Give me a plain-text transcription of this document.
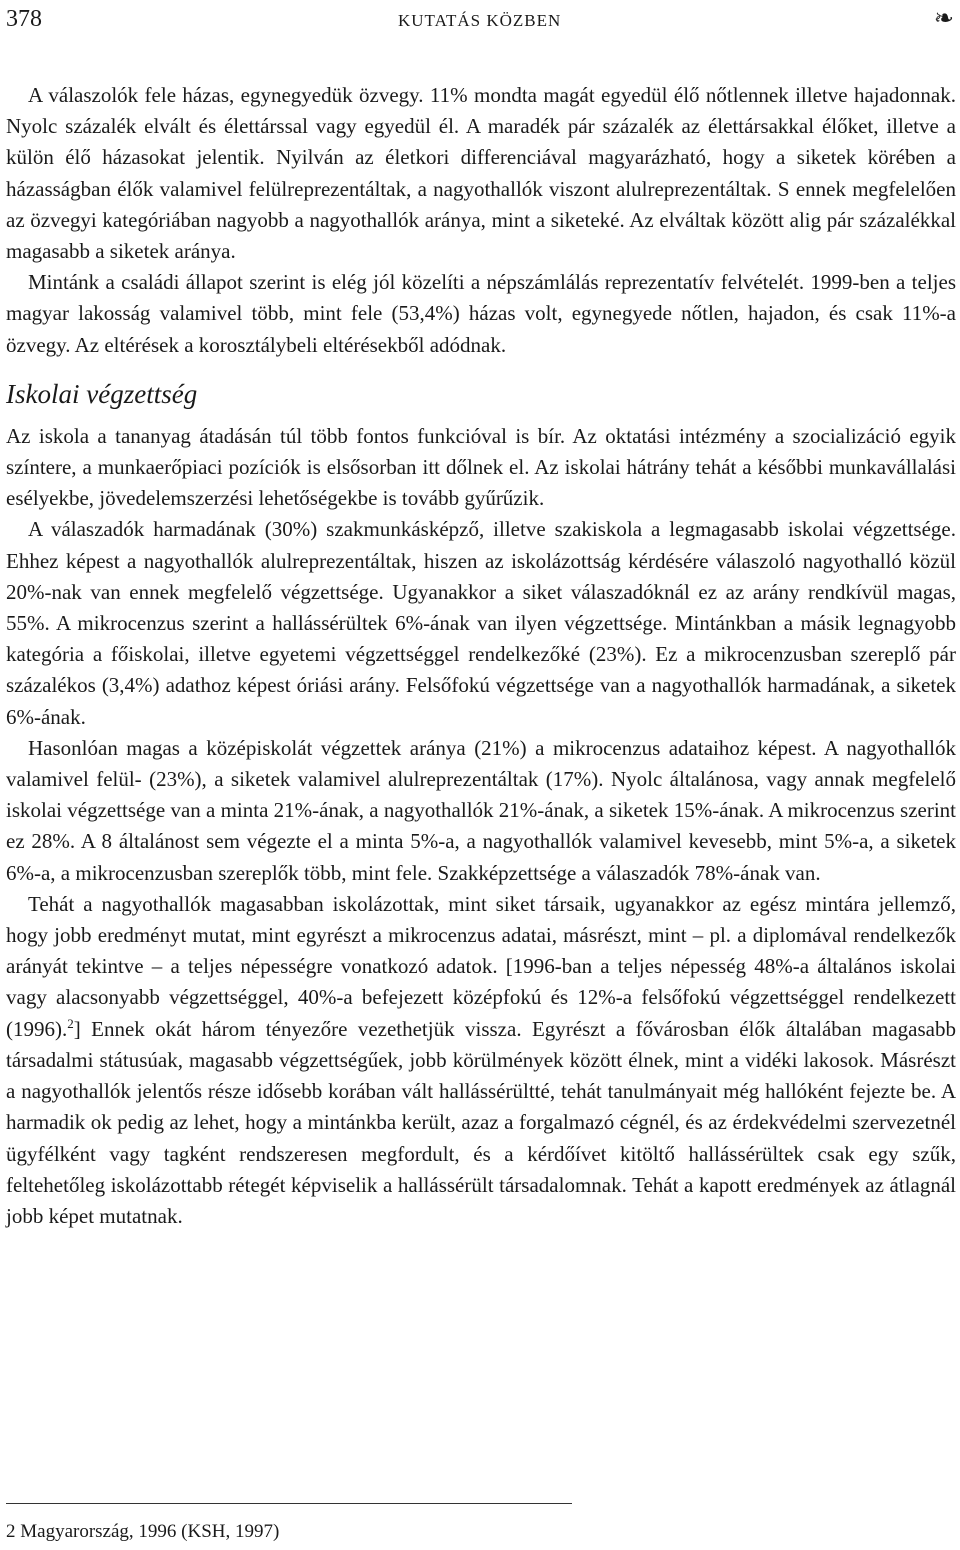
378	KUTATÁS KÖZBEN	❧

A válaszolók fele házas, egynegyedük özvegy. 11% mondta magát egyedül élő nőtlennek illetve hajadonnak. Nyolc százalék elvált és élettárssal vagy egyedül él. A maradék pár százalék az élettársakkal élőket, illetve a külön élő házasokat jelentik. Nyilván az életkori differenciával magyarázható, hogy a siketek körében a házasságban élők valamivel felülreprezentáltak, a nagyothallók viszont alulreprezentáltak. S ennek megfelelően az özvegyi kategóriában nagyobb a nagyothallók aránya, mint a siketeké. Az elváltak között alig pár százalékkal magasabb a siketek aránya.

Mintánk a családi állapot szerint is elég jól közelíti a népszámlálás reprezentatív felvételét. 1999-ben a teljes magyar lakosság valamivel több, mint fele (53,4%) házas volt, egynegyede nőtlen, hajadon, és csak 11%-a özvegy. Az eltérések a korosztálybeli eltérésekből adódnak.

Iskolai végzettség

Az iskola a tananyag átadásán túl több fontos funkcióval is bír. Az oktatási intézmény a szocializáció egyik színtere, a munkaerőpiaci pozíciók is elsősorban itt dőlnek el. Az iskolai hátrány tehát a későbbi munkavállalási esélyekbe, jövedelemszerzési lehetőségekbe is tovább gyűrűzik.

A válaszadók harmadának (30%) szakmunkásképző, illetve szakiskola a legmagasabb iskolai végzettsége. Ehhez képest a nagyothallók alulreprezentáltak, hiszen az iskolázottság kérdésére válaszoló nagyothalló közül 20%-nak van ennek megfelelő végzettsége. Ugyanakkor a siket válaszadóknál ez az arány rendkívül magas, 55%. A mikrocenzus szerint a hallássérültek 6%-ának van ilyen végzettsége. Mintánkban a másik legnagyobb kategória a főiskolai, illetve egyetemi végzettséggel rendelkezőké (23%). Ez a mikrocenzusban szereplő pár százalékos (3,4%) adathoz képest óriási arány. Felsőfokú végzettsége van a nagyothallók harmadának, a siketek 6%-ának.

Hasonlóan magas a középiskolát végzettek aránya (21%) a mikrocenzus adataihoz képest. A nagyothallók valamivel felül- (23%), a siketek valamivel alulreprezentáltak (17%). Nyolc általánosa, vagy annak megfelelő iskolai végzettsége van a minta 21%-ának, a nagyothallók 21%-ának, a siketek 15%-ának. A mikrocenzus szerint ez 28%. A 8 általánost sem végezte el a minta 5%-a, a nagyothallók valamivel kevesebb, mint 5%-a, a siketek 6%-a, a mikrocenzusban szereplők több, mint fele. Szakképzettsége a válaszadók 78%-ának van.

Tehát a nagyothallók magasabban iskolázottak, mint siket társaik, ugyanakkor az egész mintára jellemző, hogy jobb eredményt mutat, mint egyrészt a mikrocenzus adatai, másrészt, mint – pl. a diplomával rendelkezők arányát tekintve – a teljes népességre vonatkozó adatok. [1996-ban a teljes népesség 48%-a általános iskolai vagy alacsonyabb végzettséggel, 40%-a befejezett középfokú és 12%-a felsőfokú végzettséggel rendelkezett (1996).$^2$] Ennek okát három tényezőre vezethetjük vissza. Egyrészt a fővárosban élők általában magasabb társadalmi státusúak, magasabb végzettségűek, jobb körülmények között élnek, mint a vidéki lakosok. Másrészt a nagyothallók jelentős része idősebb korában vált hallássérültté, tehát tanulmányait még hallóként fejezte be. A harmadik ok pedig az lehet, hogy a mintánkba került, azaz a forgalmazó cégnél, és az érdekvédelmi szervezetnél ügyfélként vagy tagként rendszeresen megfordult, és a kérdőívet kitöltő hallássérültek csak egy szűk, feltehetőleg iskolázottabb rétegét képviselik a hallássérült társadalomnak. Tehát a kapott eredmények az átlagnál jobb képet mutatnak.

2 Magyarország, 1996 (KSH, 1997)
